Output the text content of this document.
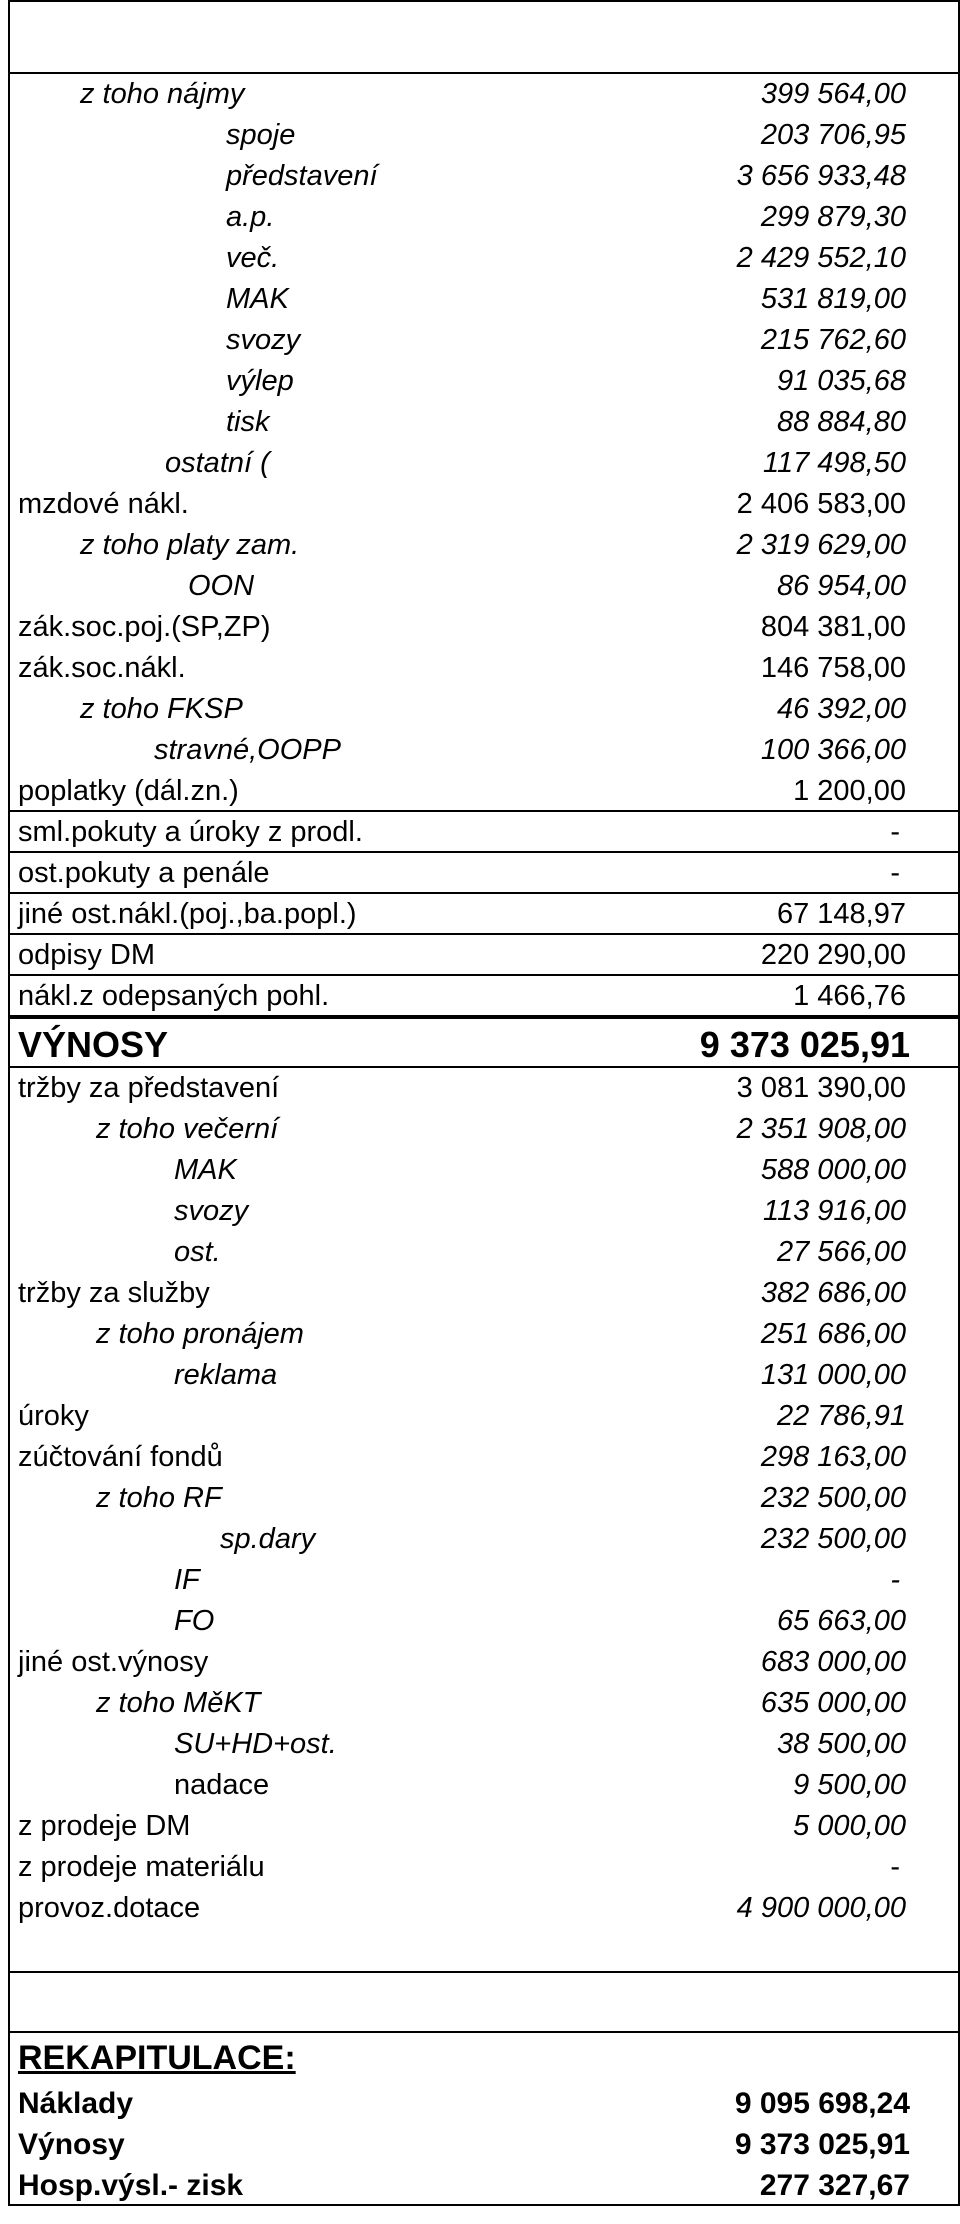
z toho nájmy	399 564,00
spoje	203 706,95
představení	3 656 933,48
a.p.	299 879,30
več.	2 429 552,10
MAK	531 819,00
svozy	215 762,60
výlep	91 035,68
tisk	88 884,80
ostatní (	117 498,50
mzdové nákl.	2 406 583,00
z toho platy zam.	2 319 629,00
OON	86 954,00
zák.soc.poj.(SP,ZP)	804 381,00
zák.soc.nákl.	146 758,00
z toho FKSP	46 392,00
stravné,OOPP	100 366,00
poplatky (dál.zn.)	1 200,00
sml.pokuty a úroky z prodl.	-
ost.pokuty a penále	-
jiné ost.nákl.(poj.,ba.popl.)	67 148,97
odpisy DM	220 290,00
nákl.z odepsaných pohl.	1 466,76
VÝNOSY	9 373 025,91
tržby za představení	3 081 390,00
z toho večerní	2 351 908,00
MAK	588 000,00
svozy	113 916,00
ost.	27 566,00
tržby za služby	382 686,00
z toho pronájem	251 686,00
reklama	131 000,00
úroky	22 786,91
zúčtování fondů	298 163,00
z toho RF	232 500,00
sp.dary	232 500,00
IF	-
FO	65 663,00
jiné ost.výnosy	683 000,00
z toho MěKT	635 000,00
SU+HD+ost.	38 500,00
nadace	9 500,00
z prodeje DM	5 000,00
z prodeje materiálu	-
provoz.dotace	4 900 000,00
REKAPITULACE:
Náklady	9 095 698,24
Výnosy	9 373 025,91
Hosp.výsl.- zisk	277 327,67
